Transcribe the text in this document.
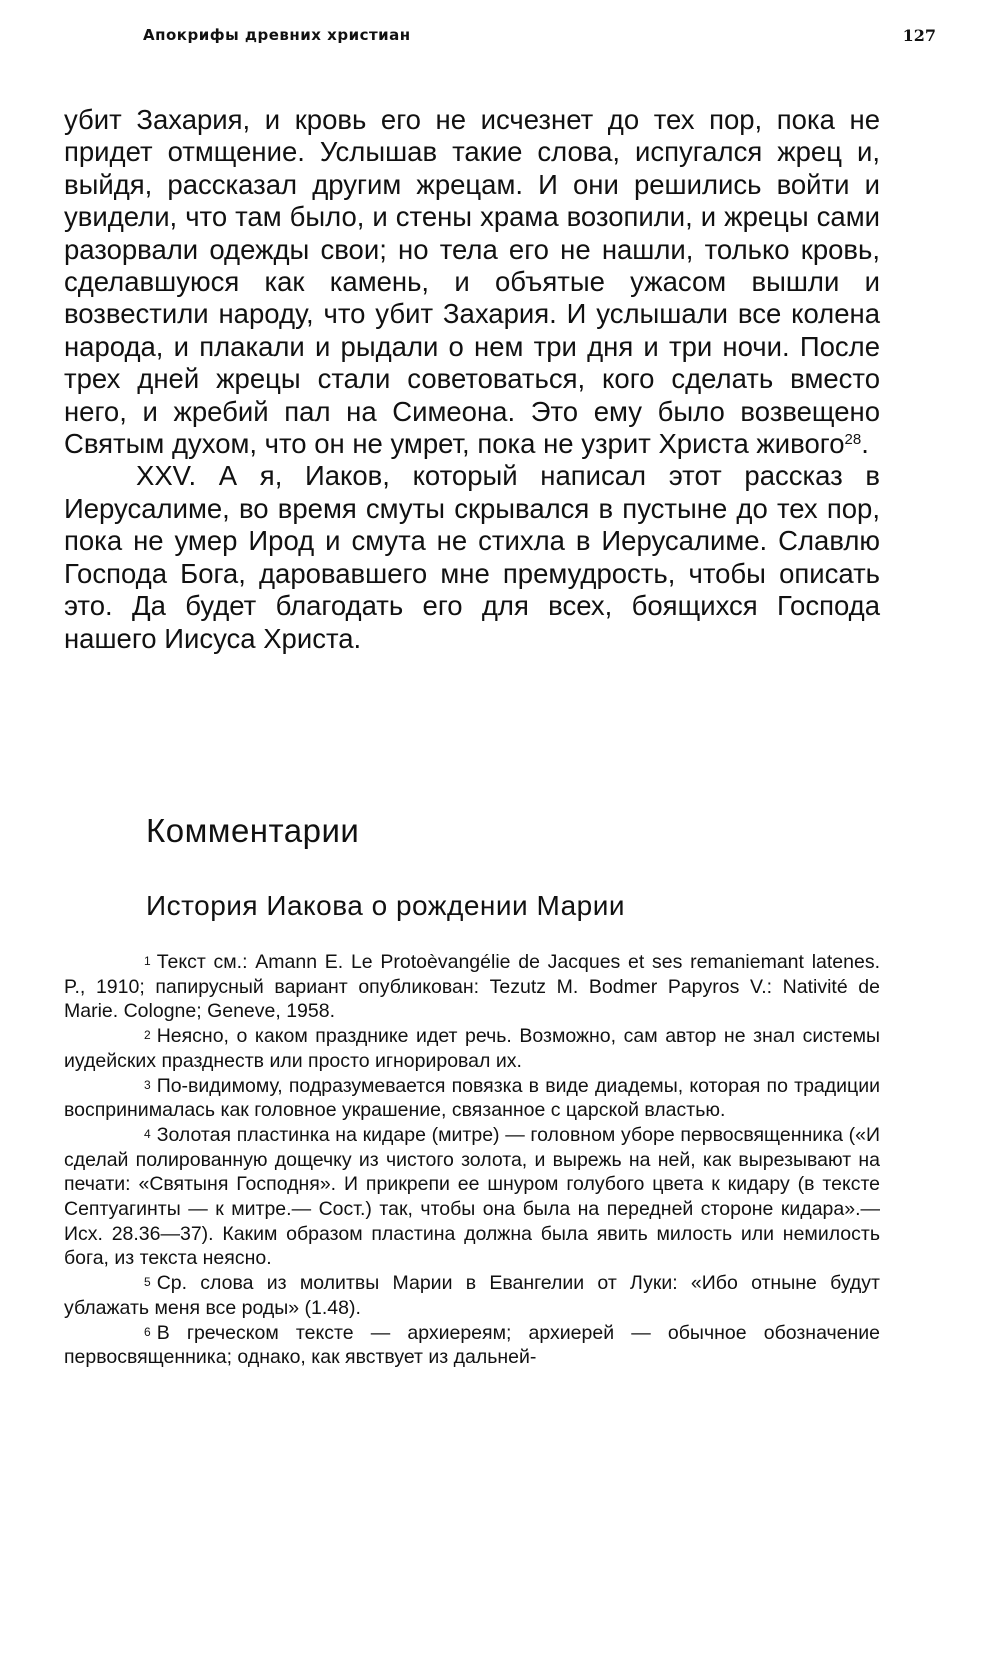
Апокрифы древних христиан	127

убит Захария, и кровь его не исчезнет до тех пор, пока не придет отмщение. Услышав такие слова, испугался жрец и, выйдя, рассказал другим жрецам. И они решились войти и увидели, что там было, и стены храма возопили, и жрецы сами разорвали одежды свои; но тела его не нашли, только кровь, сделавшуюся как камень, и объятые ужасом вышли и возвестили народу, что убит Захария. И услышали все колена народа, и плакали и рыдали о нем три дня и три ночи. После трех дней жрецы стали советоваться, кого сделать вместо него, и жребий пал на Симеона. Это ему было возвещено Святым духом, что он не умрет, пока не узрит Христа живого$^{28}$.

XXV. А я, Иаков, который написал этот рассказ в Иерусалиме, во время смуты скрывался в пустыне до тех пор, пока не умер Ирод и смута не стихла в Иерусалиме. Славлю Господа Бога, даровавшего мне премудрость, чтобы описать это. Да будет благодать его для всех, боящихся Господа нашего Иисуса Христа.

Комментарии
История Иакова о рождении Марии

$^1$ Текст см.: Amann E. Le Protoèvangélie de Jacques et ses remaniemant latenes. P., 1910; папирусный вариант опубликован: Tezutz M. Bodmer Papyros V.: Nativité de Marie. Cologne; Geneve, 1958.

$^2$ Неясно, о каком празднике идет речь. Возможно, сам автор не знал системы иудейских празднеств или просто игнорировал их.

$^3$ По-видимому, подразумевается повязка в виде диадемы, которая по традиции воспринималась как головное украшение, связанное с царской властью.

$^4$ Золотая пластинка на кидаре (митре) — головном уборе первосвященника («И сделай полированную дощечку из чистого золота, и вырежь на ней, как вырезывают на печати: «Святыня Господня». И прикрепи ее шнуром голубого цвета к кидару (в тексте Септуагинты — к митре.— Сост.) так, чтобы она была на передней стороне кидара».— Исх. 28.36—37). Каким образом пластина должна была явить милость или немилость бога, из текста неясно.

$^5$ Ср. слова из молитвы Марии в Евангелии от Луки: «Ибо отныне будут ублажать меня все роды» (1.48).

$^6$ В греческом тексте — архиереям; архиерей — обычное обозначение первосвященника; однако, как явствует из дальней-
